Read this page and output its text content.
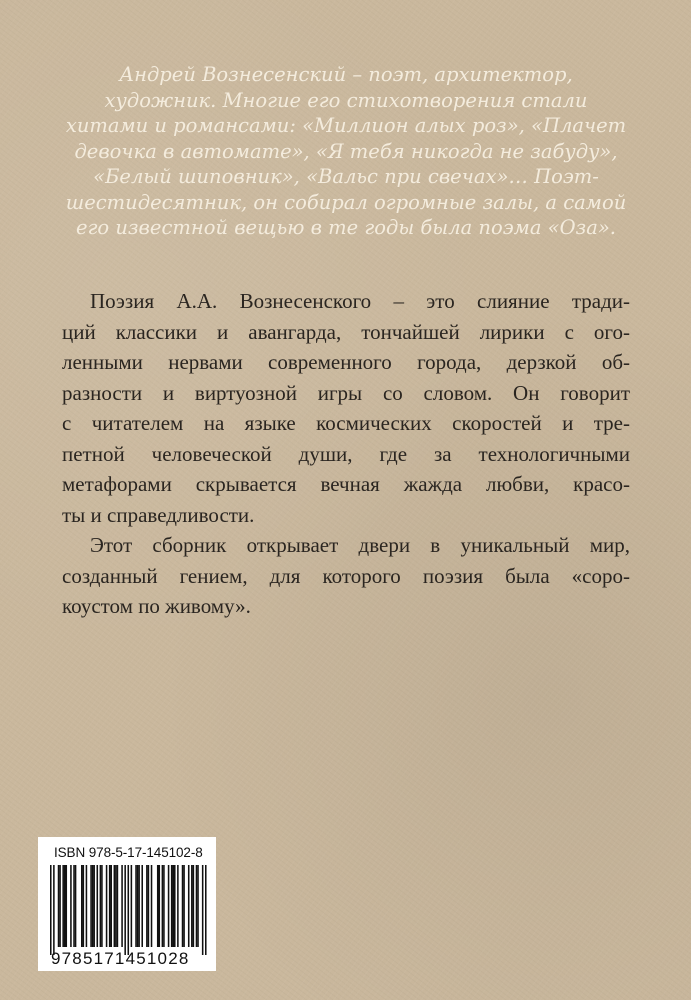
Андрей Вознесенский – поэт, архитектор,
художник. Многие его стихотворения стали
хитами и романсами: «Миллион алых роз», «Плачет
девочка в автомате», «Я тебя никогда не забуду»,
«Белый шиповник», «Вальс при свечах»… Поэт-
шестидесятник, он собирал огромные залы, а самой
его известной вещью в те годы была поэма «Оза».

Поэзия А.А. Вознесенского – это слияние тради-
ций классики и авангарда, тончайшей лирики с ого-
ленными нервами современного города, дерзкой об-
разности и виртуозной игры со словом. Он говорит
с читателем на языке космических скоростей и тре-
петной человеческой души, где за технологичными
метафорами скрывается вечная жажда любви, красо-
ты и справедливости.
Этот сборник открывает двери в уникальный мир,
созданный гением, для которого поэзия была «соро-
коустом по живому».
ISBN 978-5-17-145102-8
9785171451028
